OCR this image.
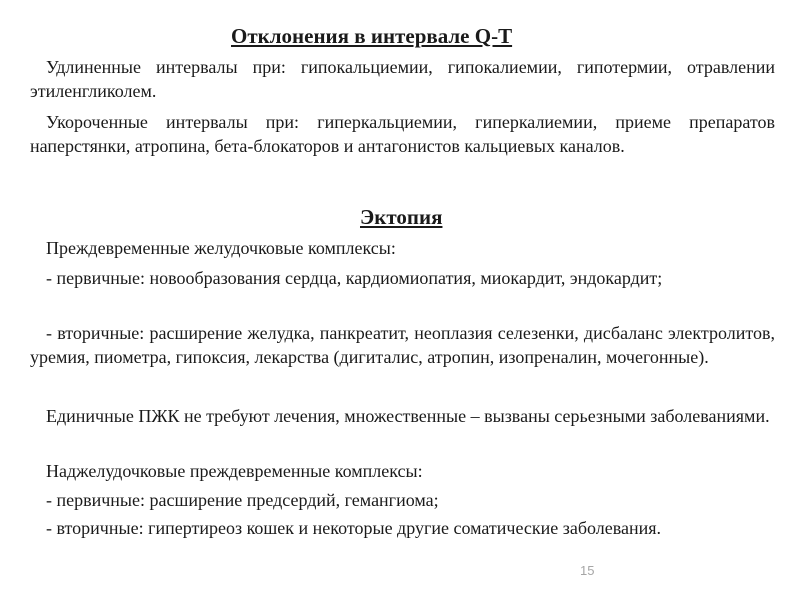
Отклонения в интервале Q-T
Удлиненные интервалы при: гипокальциемии, гипокалиемии, гипотермии, отравлении этиленгликолем.
Укороченные интервалы при: гиперкальциемии, гиперкалиемии, приеме препаратов наперстянки, атропина, бета-блокаторов и антагонистов кальциевых каналов.
Эктопия
Преждевременные желудочковые комплексы:
- первичные: новообразования сердца, кардиомиопатия, миокардит, эндокардит;
- вторичные: расширение желудка, панкреатит, неоплазия селезенки, дисбаланс электролитов, уремия, пиометра, гипоксия, лекарства (дигиталис, атропин, изопреналин, мочегонные).
Единичные ПЖК не требуют лечения, множественные – вызваны серьезными заболеваниями.
Наджелудочковые преждевременные комплексы:
- первичные: расширение предсердий, гемангиома;
- вторичные: гипертиреоз кошек и некоторые другие соматические заболевания.
15
